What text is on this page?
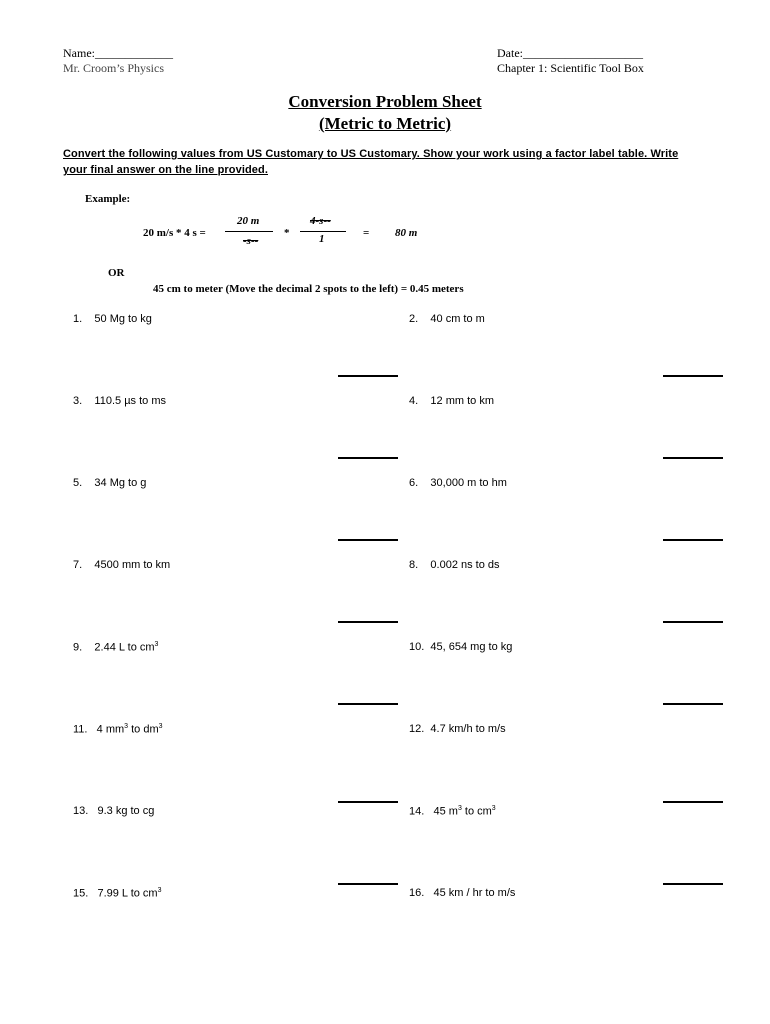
Name:_____________
Mr. Croom’s Physics
Date:____________________
Chapter 1: Scientific Tool Box
Conversion Problem Sheet
(Metric to Metric)
Convert the following values from US Customary to US Customary. Show your work using a factor label table. Write
your final answer on the line provided.
Example:
20 m/s * 4 s =
20 m
-s--
*
4-s--
1	= 80 m
OR
45 cm to meter (Move the decimal 2 spots to the left) = 0.45 meters
1. 50 Mg to kg
3. 110.5 µs to ms
5. 34 Mg to g
7. 4500 mm to km
9. 2.44 L to $cm^3$
11. 4 $mm^3$ to $dm^3$
13. 9.3 kg to cg
15. 7.99 L to $cm^3$
2. 40 cm to m
4. 12 mm to km
6. 30,000 m to hm
8. 0.002 ns to ds
10. 45, 654 mg to kg
12. 4.7 km/h to m/s
14. 45 $m^3$ to $cm^3$
16. 45 km / hr to m/s
